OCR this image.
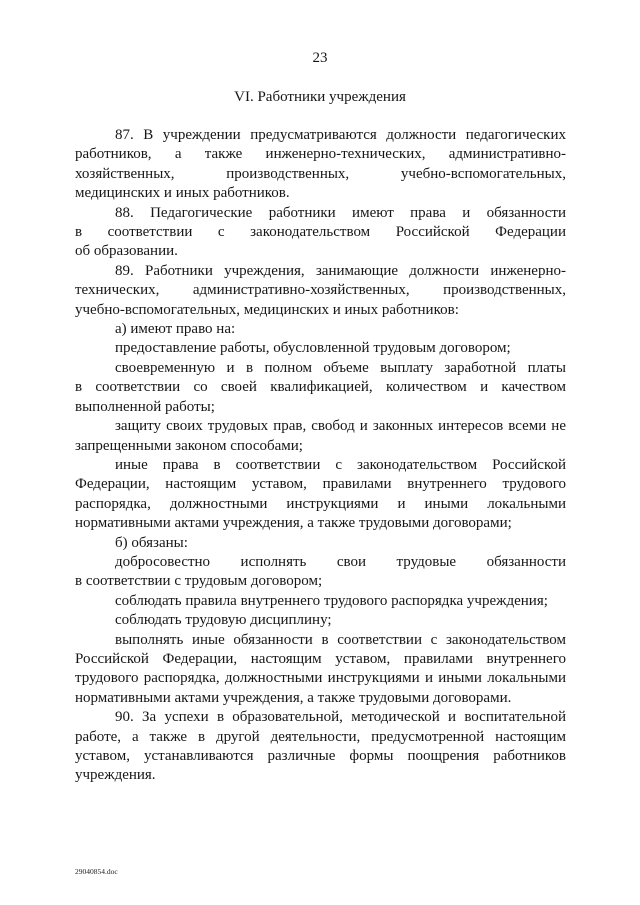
23
VI. Работники учреждения
87. В учреждении предусматриваются должности педагогических
работников, а также инженерно-технических, административно-
хозяйственных, производственных, учебно-вспомогательных,
медицинских и иных работников.
88. Педагогические работники имеют права и обязанности
в соответствии с законодательством Российской Федерации
об образовании.
89. Работники учреждения, занимающие должности инженерно-
технических, административно-хозяйственных, производственных,
учебно-вспомогательных, медицинских и иных работников:
а) имеют право на:
предоставление работы, обусловленной трудовым договором;
своевременную и в полном объеме выплату заработной платы
в соответствии со своей квалификацией, количеством и качеством
выполненной работы;
защиту своих трудовых прав, свобод и законных интересов всеми не
запрещенными законом способами;
иные права в соответствии с законодательством Российской
Федерации, настоящим уставом, правилами внутреннего трудового
распорядка, должностными инструкциями и иными локальными
нормативными актами учреждения, а также трудовыми договорами;
б) обязаны:
добросовестно исполнять свои трудовые обязанности
в соответствии с трудовым договором;
соблюдать правила внутреннего трудового распорядка учреждения;
соблюдать трудовую дисциплину;
выполнять иные обязанности в соответствии с законодательством
Российской Федерации, настоящим уставом, правилами внутреннего
трудового распорядка, должностными инструкциями и иными локальными
нормативными актами учреждения, а также трудовыми договорами.
90. За успехи в образовательной, методической и воспитательной
работе, а также в другой деятельности, предусмотренной настоящим
уставом, устанавливаются различные формы поощрения работников
учреждения.
29040854.doc
